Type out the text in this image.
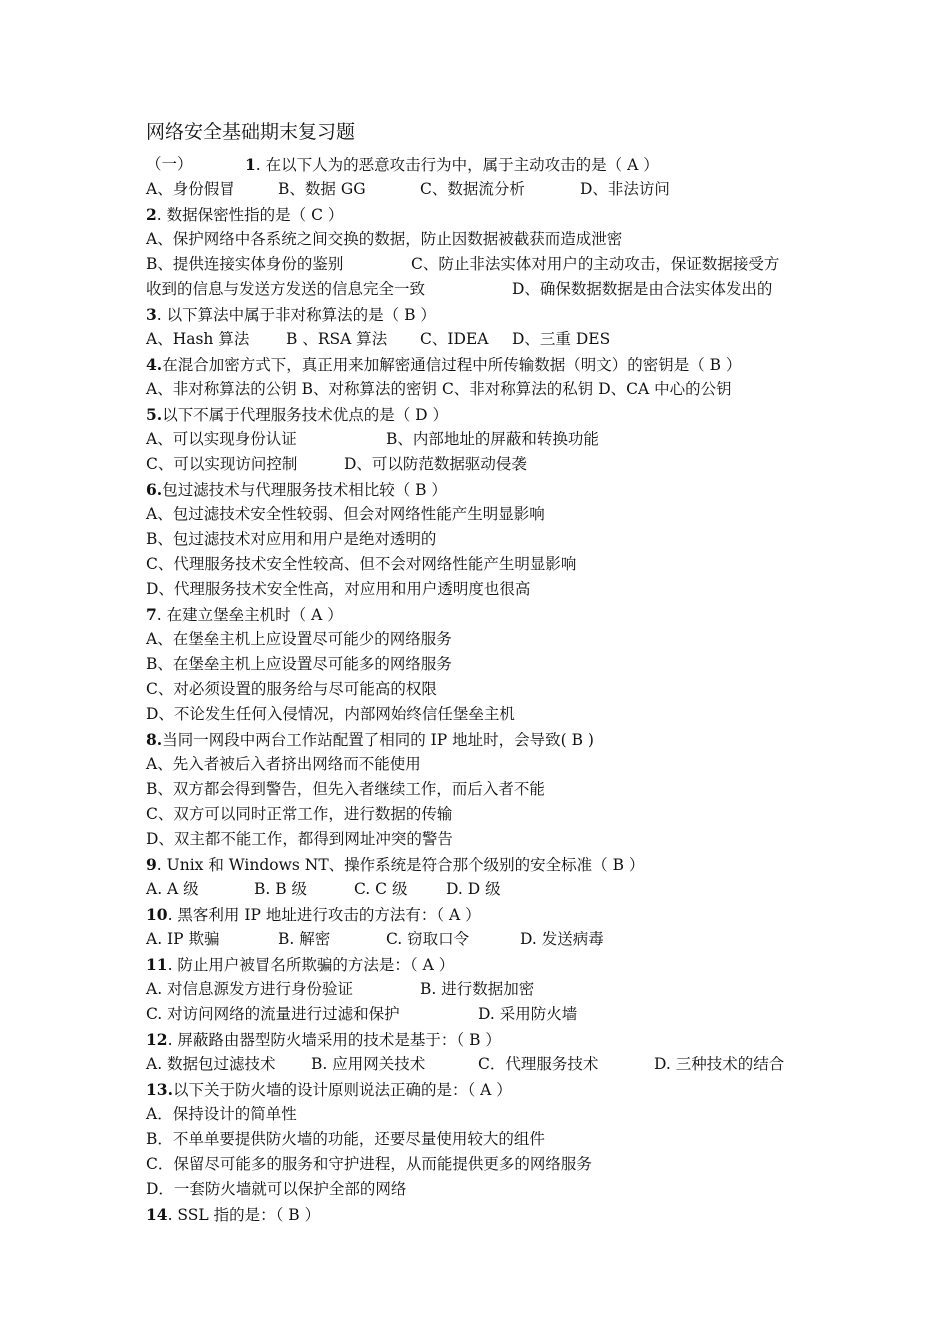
网络安全基础期末复习题
（一）	1. 在以下人为的恶意攻击行为中，属于主动攻击的是（ A ）
A、身份假冒	B、数据 GG	C、数据流分析	D、非法访问
2. 数据保密性指的是（ C ）
A、保护网络中各系统之间交换的数据，防止因数据被截获而造成泄密
B、提供连接实体身份的鉴别	C、防止非法实体对用户的主动攻击，保证数据接受方
收到的信息与发送方发送的信息完全一致	D、确保数据数据是由合法实体发出的
3. 以下算法中属于非对称算法的是（ B ）
A、Hash 算法 B 、RSA 算法 C、IDEA D、三重 DES
4.在混合加密方式下，真正用来加解密通信过程中所传输数据（明文）的密钥是（ B ）
A、非对称算法的公钥 B、对称算法的密钥 C、非对称算法的私钥 D、CA 中心的公钥
5.以下不属于代理服务技术优点的是（ D ）
A、可以实现身份认证	B、内部地址的屏蔽和转换功能
C、可以实现访问控制	D、可以防范数据驱动侵袭
6.包过滤技术与代理服务技术相比较（ B ）
A、包过滤技术安全性较弱、但会对网络性能产生明显影响
B、包过滤技术对应用和用户是绝对透明的
C、代理服务技术安全性较高、但不会对网络性能产生明显影响
D、代理服务技术安全性高，对应用和用户透明度也很高
7. 在建立堡垒主机时（ A ）
A、在堡垒主机上应设置尽可能少的网络服务
B、在堡垒主机上应设置尽可能多的网络服务
C、对必须设置的服务给与尽可能高的权限
D、不论发生任何入侵情况，内部网始终信任堡垒主机
8.当同一网段中两台工作站配置了相同的 IP 地址时，会导致( B )
A、先入者被后入者挤出网络而不能使用
B、双方都会得到警告，但先入者继续工作，而后入者不能
C、双方可以同时正常工作，进行数据的传输
D、双主都不能工作，都得到网址冲突的警告
9. Unix 和 Windows NT、操作系统是符合那个级别的安全标准（ B ）
A. A 级	B. B 级	C. C 级 D. D 级
10. 黑客利用 IP 地址进行攻击的方法有：（ A ）
A. IP 欺骗	B. 解密	C. 窃取口令	D. 发送病毒
11. 防止用户被冒名所欺骗的方法是：（ A ）
A. 对信息源发方进行身份验证	B. 进行数据加密
C. 对访问网络的流量进行过滤和保护	D. 采用防火墙
12. 屏蔽路由器型防火墙采用的技术是基于：（ B ）
A. 数据包过滤技术 B. 应用网关技术	C．代理服务技术	D. 三种技术的结合
13.以下关于防火墙的设计原则说法正确的是：（ A ）
A．保持设计的简单性
B．不单单要提供防火墙的功能，还要尽量使用较大的组件
C．保留尽可能多的服务和守护进程，从而能提供更多的网络服务
D．一套防火墙就可以保护全部的网络
14. SSL 指的是：（ B ）
